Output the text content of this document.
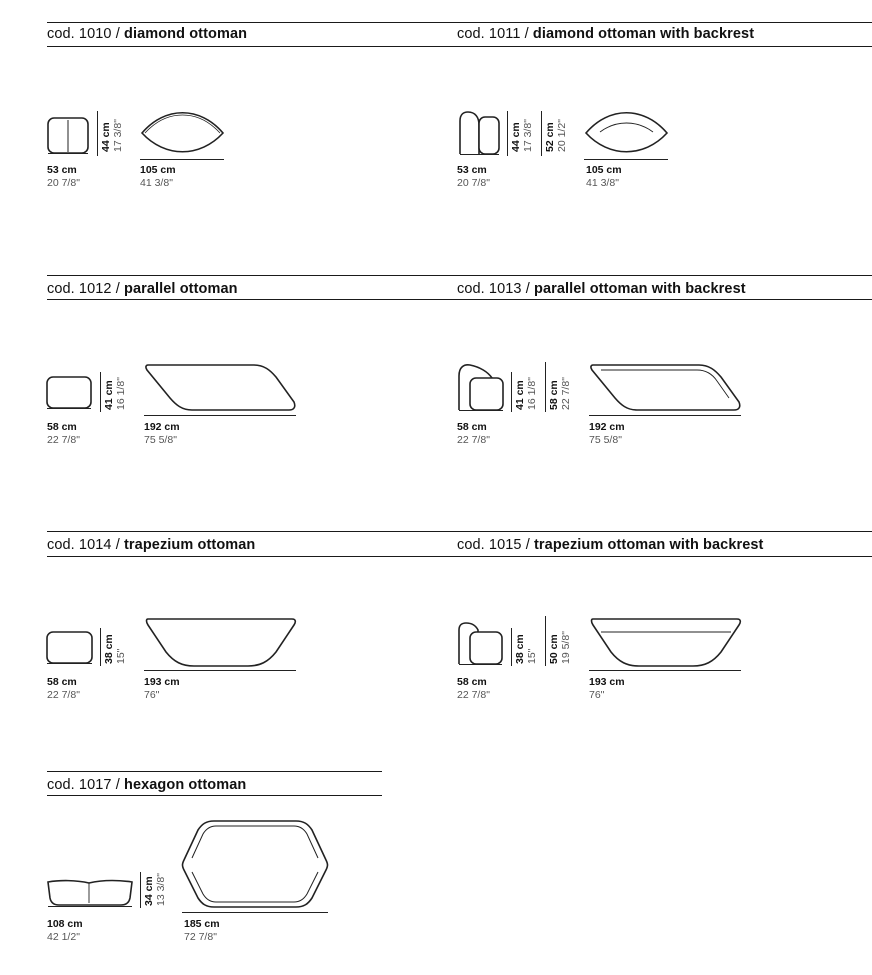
cod. 1010 / diamond ottoman
44 cm 17 3/8"
53 cm
20 7/8"
105 cm
41 3/8"
cod. 1011 / diamond ottoman with backrest
44 cm 17 3/8" 52 cm 20 1/2"
53 cm
20 7/8"
105 cm
41 3/8"
cod. 1012 / parallel ottoman
41 cm 16 1/8"
58 cm
22 7/8"
192 cm
75 5/8"
cod. 1013 / parallel ottoman with backrest
41 cm 16 1/8" 58 cm 22 7/8"
58 cm
22 7/8"
192 cm
75 5/8"
cod. 1014 / trapezium ottoman
38 cm 15"
58 cm
22 7/8"
193 cm
76"
cod. 1015 / trapezium ottoman with backrest
38 cm 15" 50 cm 19 5/8"
58 cm
22 7/8"
193 cm
76"
cod. 1017 / hexagon ottoman
34 cm 13 3/8"
108 cm
42 1/2"
185 cm
72 7/8"
